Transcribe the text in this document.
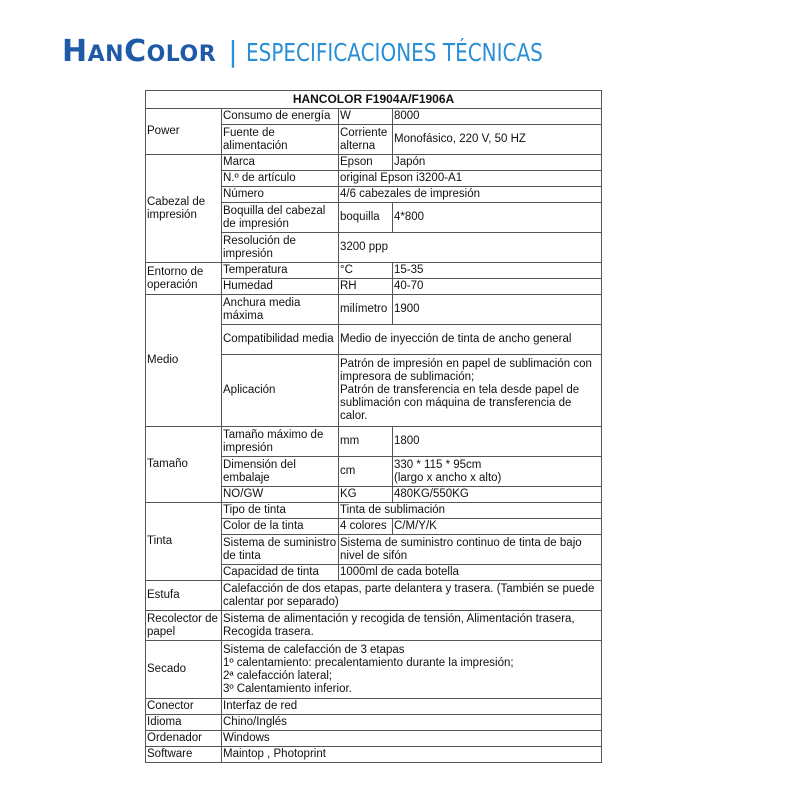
HANCOLOR | ESPECIFICACIONES TÉCNICAS
HANCOLOR F1904A/F1906A			
Power	Consumo de energía	W	8000
	Fuente de alimentación	Corriente alterna	Monofásico, 220 V, 50 HZ
Cabezal de impresión	Marca	Epson	Japón
	N.º de artículo	original Epson i3200-A1	
	Número	4/6 cabezales de impresión	
	Boquilla del cabezal de impresión	boquilla	4*800
	Resolución de impresión	3200 ppp	
Entorno de operación	Temperatura	°C	15-35
	Humedad	RH	40-70
Medio	Anchura media máxima	milímetro	1900
	Compatibilidad media	Medio de inyección de tinta de ancho general	
	Aplicación	Patrón de impresión en papel de sublimación con impresora de sublimación;
Patrón de transferencia en tela desde papel de sublimación con máquina de transferencia de calor.	
Tamaño	Tamaño máximo de impresión	mm	1800
	Dimensión del embalaje	cm	330 * 115 * 95cm
(largo x ancho x alto)
	NO/GW	KG	480KG/550KG
Tinta	Tipo de tinta	Tinta de sublimación	
	Color de la tinta	4 colores	C/M/Y/K
	Sistema de suministro de tinta	Sistema de suministro continuo de tinta de bajo nivel de sifón	
	Capacidad de tinta	1000ml de cada botella	
Estufa	Calefacción de dos etapas, parte delantera y trasera. (También se puede calentar por separado)		
Recolector de papel	Sistema de alimentación y recogida de tensión, Alimentación trasera, Recogida trasera.		
Secado	Sistema de calefacción de 3 etapas
1º calentamiento: precalentamiento durante la impresión;
2ª calefacción lateral;
3º Calentamiento inferior.		
Conector	Interfaz de red		
Idioma	Chino/Inglés		
Ordenador	Windows		
Software	Maintop , Photoprint		
